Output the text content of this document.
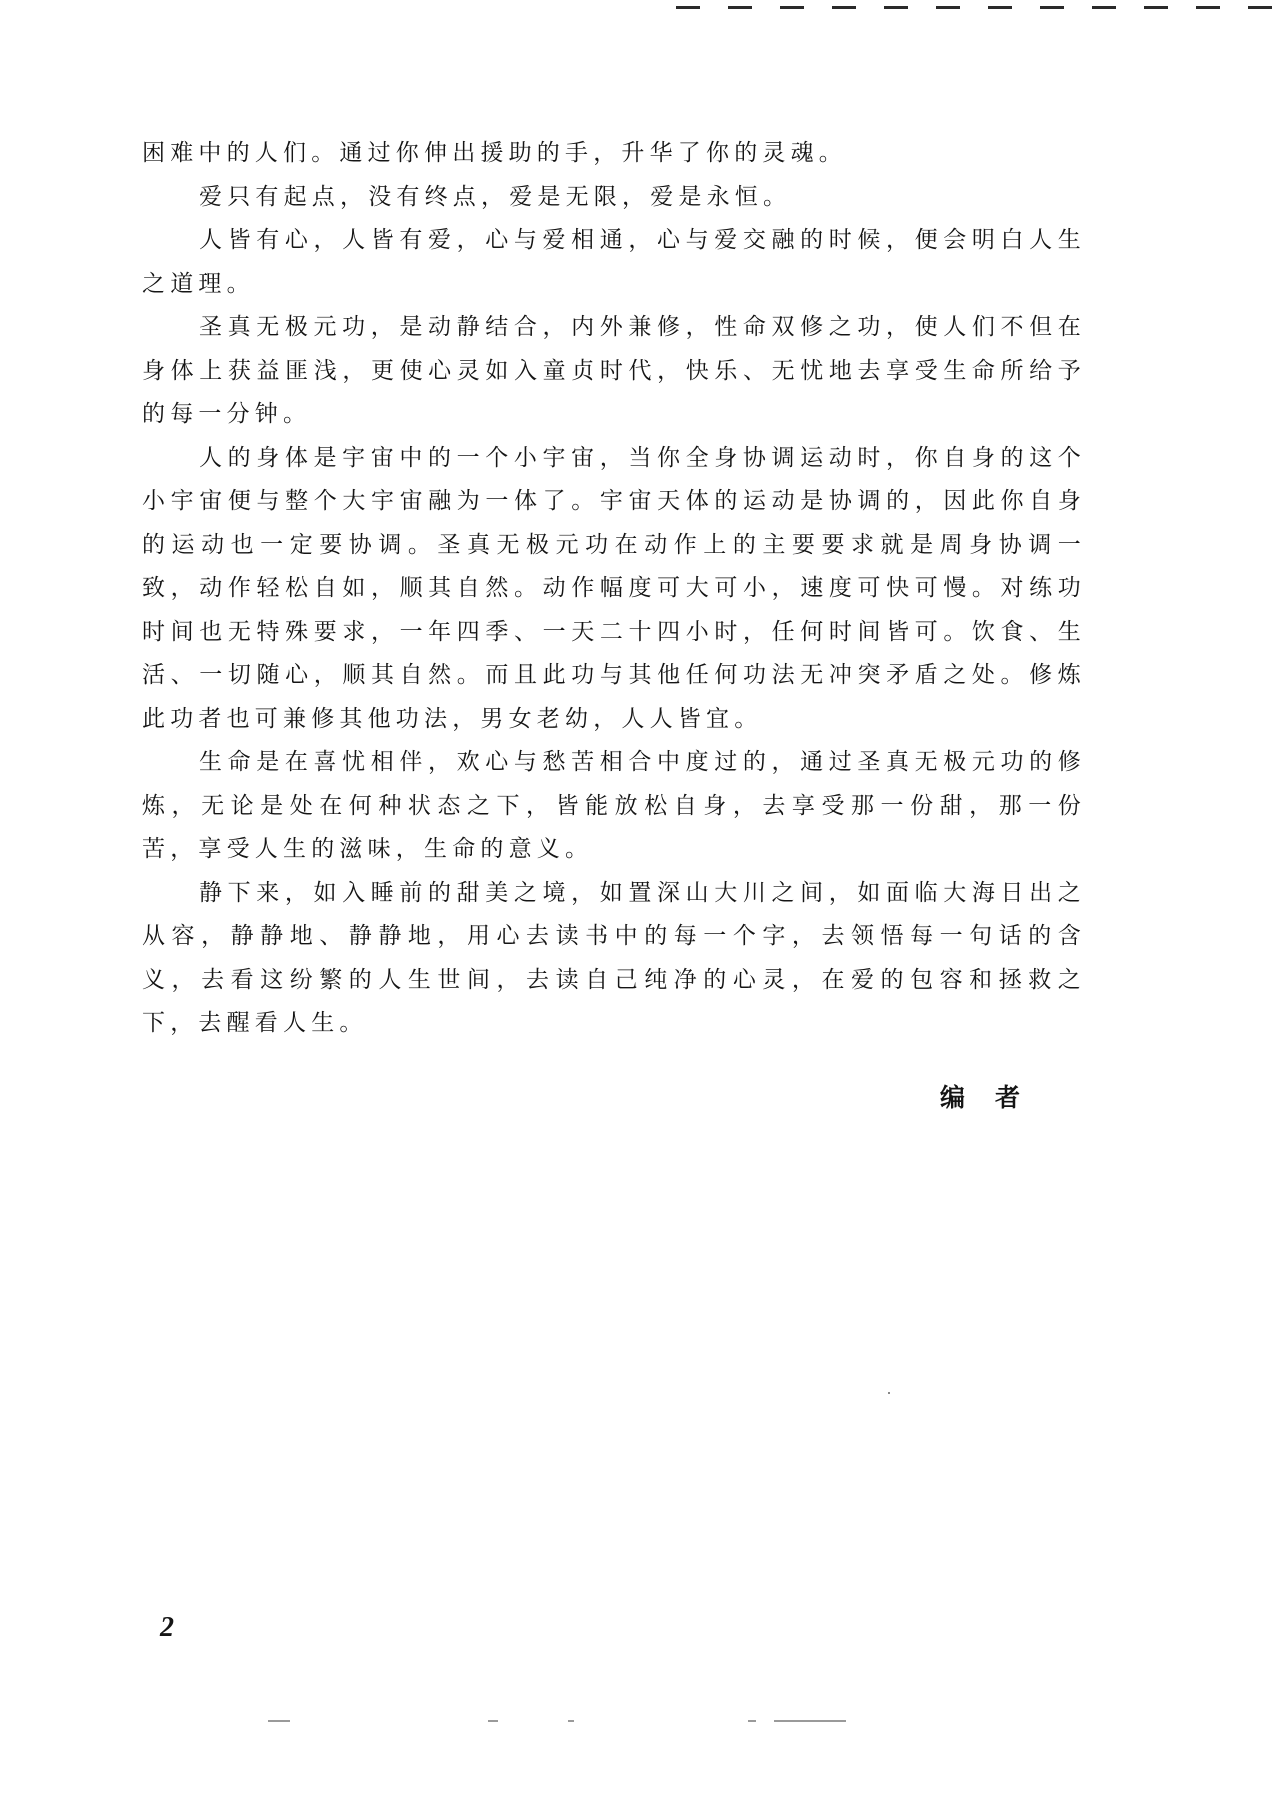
困难中的人们。通过你伸出援助的手，升华了你的灵魂。

爱只有起点，没有终点，爱是无限，爱是永恒。

人皆有心，人皆有爱，心与爱相通，心与爱交融的时候，便会明白人生之道理。

圣真无极元功，是动静结合，内外兼修，性命双修之功，使人们不但在身体上获益匪浅，更使心灵如入童贞时代，快乐、无忧地去享受生命所给予的每一分钟。

人的身体是宇宙中的一个小宇宙，当你全身协调运动时，你自身的这个小宇宙便与整个大宇宙融为一体了。宇宙天体的运动是协调的，因此你自身的运动也一定要协调。圣真无极元功在动作上的主要要求就是周身协调一致，动作轻松自如，顺其自然。动作幅度可大可小，速度可快可慢。对练功时间也无特殊要求，一年四季、一天二十四小时，任何时间皆可。饮食、生活、一切随心，顺其自然。而且此功与其他任何功法无冲突矛盾之处。修炼此功者也可兼修其他功法，男女老幼，人人皆宜。

生命是在喜忧相伴，欢心与愁苦相合中度过的，通过圣真无极元功的修炼，无论是处在何种状态之下，皆能放松自身，去享受那一份甜，那一份苦，享受人生的滋味，生命的意义。

静下来，如入睡前的甜美之境，如置深山大川之间，如面临大海日出之从容，静静地、静静地，用心去读书中的每一个字，去领悟每一句话的含义，去看这纷繁的人生世间，去读自己纯净的心灵，在爱的包容和拯救之下，去醒看人生。

编者
2
